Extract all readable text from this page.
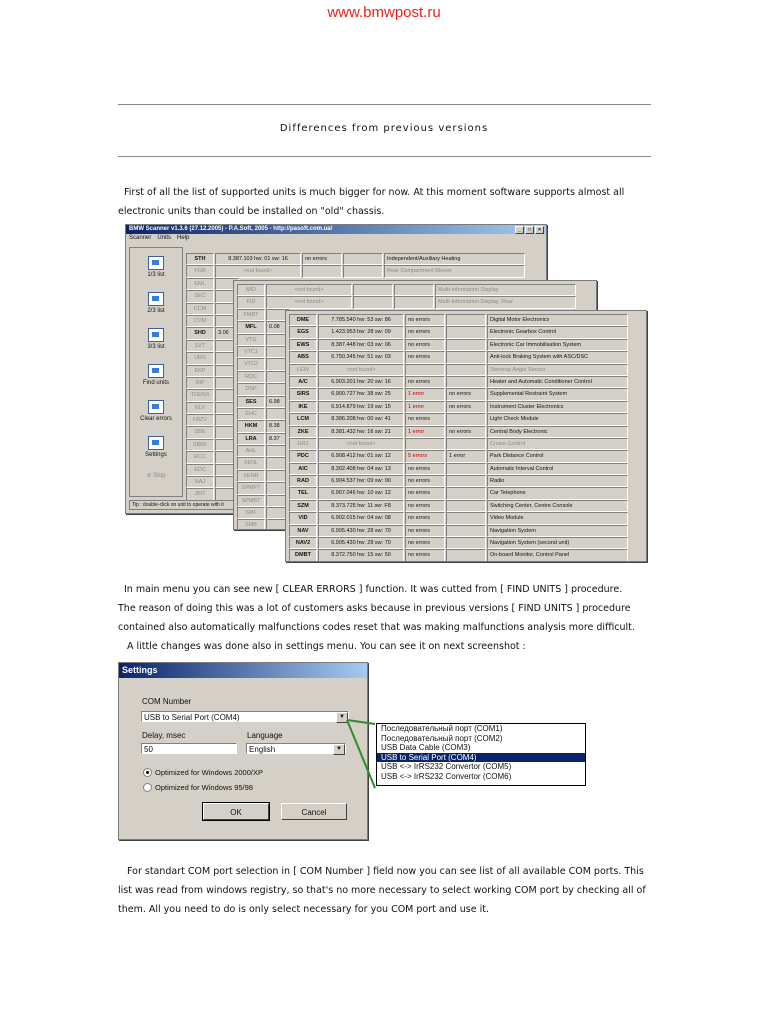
www.bmwpost.ru
Differences from previous versions

First of all the list of supported units is much bigger for now. At this moment software supports almost all

electronic units than could be installed on "old" chassis.

BMW Scanner v1.3.6 (27.12.2005) - P.A.Soft, 2005 - http://pasoft.com.ua/	_	□	×
Scanner Units Help
1/3 list
2/3 list
3/3 list
Find units
Clear errors
Settings
⊘ Stop
STH	8.387.103 hw: 01 sw: 16	no errors	Independent/Auxiliary Heating
FGB	<not found>	Rear Compartment Blower
EML
SEC
CCM
CVM
SHD	3.06
SVT
URS
EKP
RIP
TOENS
ELV
FBZV
SBE
SBBF
RCC
EDC
NAJ
JBIT
Tip : double-click on unit to operate with it
MID	<not found>	Multi-Information Display
FID	<not found>	Multi-Information Display, Rear
FMBT
MFL	0.08
VTG
VTC1
VTC2
RDC
DSP
SES	6.98
EHC
HKM	8.38
LRA	8.37
AHL
XENL
XENR
SPMFT
SPMBT
SMF
SMB
DME	7.785.540 hw: 53 sw: 86	no errors	Digital Motor Electronics
EGS	1.423.953 hw: 28 sw: 09	no errors	Electronic Gearbox Control
EWS	8.387.448 hw: 03 sw: 06	no errors	Electronic Car Immobilisation System
ABS	6.750.345 hw: 51 sw: 03	no errors	Anti-lock Braking System with ASC/DSC
LEW	<not found>	Steering-Angle Sensor
A/C	6.903.201 hw: 20 sw: 16	no errors	Heater and Automatic Conditioner Control
SIRS	6.900.727 hw: 38 sw: 25	1 error	no errors	Supplemental Restraint System
IKE	6.914.879 hw: 19 sw: 15	1 error	no errors	Instrument Cluster Electronics
LCM	8.386.208 hw: 00 sw: 41	no errors	Light Check Module
ZKE	8.381.432 hw: 16 sw: 21	1 error	no errors	Central Body Electronic
GR2	<not found>	Cruise Control
PDC	6.908.412 hw: 01 sw: 12	5 errors	1 error	Park Distance Control
AIC	8.302.408 hw: 04 sw: 13	no errors	Automatic Interval Control
RAD	6.904.537 hw: 09 sw: 90	no errors	Radio
TEL	6.907.046 hw: 10 sw: 12	no errors	Car Telephone
SZM	8.373.725 hw: 11 sw: F8	no errors	Switching Center, Centre Console
VID	6.902.015 hw: 04 sw: 08	no errors	Video Module
NAV	6.905.430 hw: 28 sw: 70	no errors	Navigation System
NAV2	6.905.430 hw: 28 sw: 70	no errors	Navigation System (second unit)
DMBT	8.372.750 hw: 15 sw: 50	no errors	On-board Monitor, Control Panel

In main menu you can see new [ CLEAR ERRORS ] function. It was cutted from [ FIND UNITS ] procedure.

The reason of doing this was a lot of customers asks because in previous versions [ FIND UNITS ] procedure

contained also automatically malfunctions codes reset that was making malfunctions analysis more difficult.

A little changes was done also in settings menu. You can see it on next screenshot :

Settings
COM Number
USB to Serial Port (COM4)	▼
Delay, msec
50
Language
English	▼
Optimized for Windows 2000/XP
Optimized for Windows 95/98
OK	Cancel
Последовательный порт (COM1)
Последовательный порт (COM2)
USB Data Cable (COM3)
USB to Serial Port (COM4)
USB <-> IrRS232 Convertor (COM5)
USB <-> IrRS232 Convertor (COM6)

For standart COM port selection in [ COM Number ] field now you can see list of all available COM ports. This

list was read from windows registry, so that's no more necessary to select working COM port by checking all of

them. All you need to do is only select necessary for you COM port and use it.
